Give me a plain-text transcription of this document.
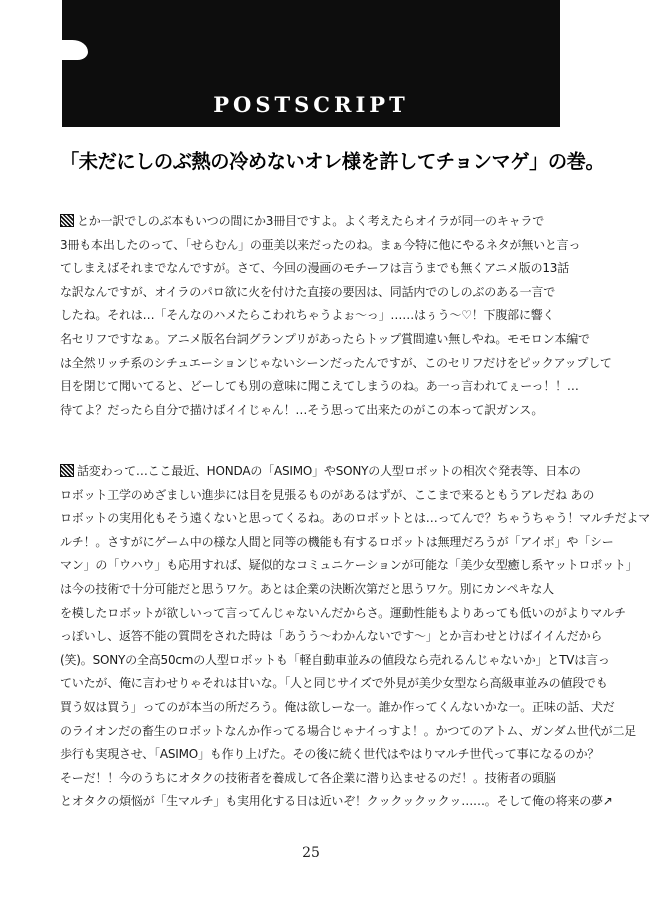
POSTSCRIPT
「未だにしのぶ熱の冷めないオレ様を許してチョンマゲ」の巻。
とか一訳でしのぶ本もいつの間にか3冊目ですよ。よく考えたらオイラが同一のキャラで
3冊も本出したのって、「せらむん」の亜美以来だったのね。まぁ今特に他にやるネタが無いと言っ
てしまえばそれまでなんですが。さて、今回の漫画のモチーフは言うまでも無くアニメ版の13話
な訳なんですが、オイラのパロ欲に火を付けた直接の要因は、同話内でのしのぶのある一言で
したね。それは…「そんなのハメたらこわれちゃうよぉ〜っ」……はぅう〜♡！下腹部に響く
名セリフですなぁ。アニメ版名台詞グランプリがあったらトップ賞間違い無しやね。モモロン本編で
は全然リッチ系のシチュエーションじゃないシーンだったんですが、このセリフだけをピックアップして
目を閉じて聞いてると、どーしても別の意味に聞こえてしまうのね。あ一っ言われてぇーっ！！…
待てよ？だったら自分で描けばイイじゃん！…そう思って出来たのがこの本って訳ガンス。
話変わって…ここ最近、HONDAの「ASIMO」やSONYの人型ロボットの相次ぐ発表等、日本の
ロボット工学のめざましい進歩には目を見張るものがあるはずが、ここまで来るともうアレだね あの
ロボットの実用化もそう遠くないと思ってくるね。あのロボットとは…ってんで？ちゃうちゃう！マルチだよマ
ルチ！。さすがにゲーム中の様な人間と同等の機能も有するロボットは無理だろうが「アイボ」や「シー
マン」の「ウハウ」も応用すれば、疑似的なコミュニケーションが可能な「美少女型癒し系ヤットロボット」
は今の技術で十分可能だと思うワケ。あとは企業の決断次第だと思うワケ。別にカンペキな人
を模したロボットが欲しいって言ってんじゃないんだからさ。運動性能もよりあっても低いのがよりマルチ
っぽいし、返答不能の質問をされた時は「あうう〜わかんないです〜」とか言わせとけばイイんだから
(笑)。SONYの全高50cmの人型ロボットも「軽自動車並みの値段なら売れるんじゃないか」とTVは言っ
ていたが、俺に言わせりゃそれは甘いな。「人と同じサイズで外見が美少女型なら高級車並みの値段でも
買う奴は買う」ってのが本当の所だろう。俺は欲しーな一。誰か作ってくんないかな一。正味の話、犬だ
のライオンだの畜生のロボットなんか作ってる場合じゃナイっすよ！。かつてのアトム、ガンダム世代が二足
歩行も実現させ、「ASIMO」も作り上げた。その後に続く世代はやはりマルチ世代って事になるのか？
そーだ！！今のうちにオタクの技術者を養成して各企業に潜り込ませるのだ！。技術者の頭脳
とオタクの煩悩が「生マルチ」も実用化する日は近いぞ！クックックックッ……。そして俺の将来の夢↗
25
